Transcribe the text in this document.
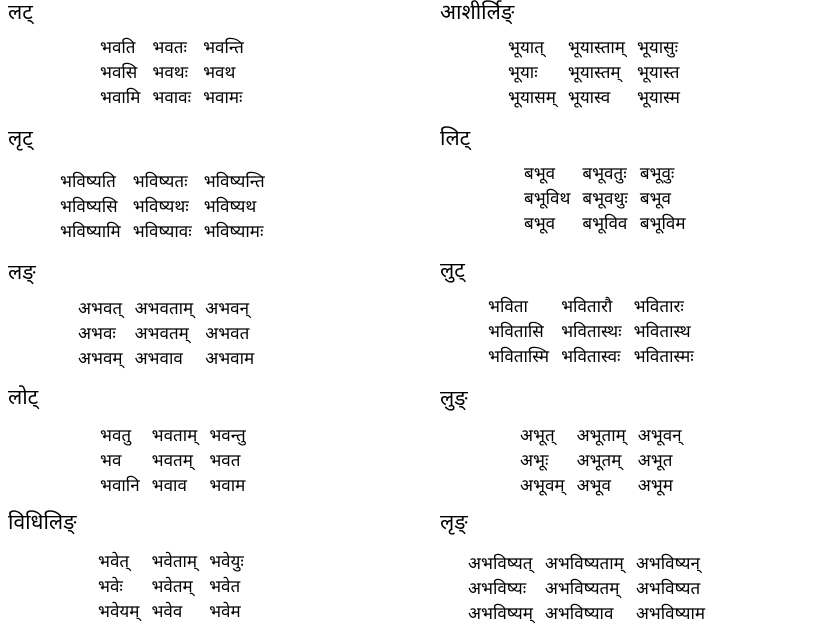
लट्
भवति	भवतः	भवन्ति
भवसि	भवथः	भवथ
भवामि	भवावः	भवामः
लृट्
भविष्यति	भविष्यतः	भविष्यन्ति
भविष्यसि	भविष्यथः	भविष्यथ
भविष्यामि	भविष्यावः	भविष्यामः
लङ्
अभवत्	अभवताम्	अभवन्
अभवः	अभवतम्	अभवत
अभवम्	अभवाव	अभवाम
लोट्
भवतु	भवताम्	भवन्तु
भव	भवतम्	भवत
भवानि	भवाव	भवाम
विधिलिङ्
भवेत्	भवेताम्	भवेयुः
भवेः	भवेतम्	भवेत
भवेयम्	भवेव	भवेम
आशीर्लिङ्
भूयात्	भूयास्ताम्	भूयासुः
भूयाः	भूयास्तम्	भूयास्त
भूयासम्	भूयास्व	भूयास्म
लिट्
बभूव	बभूवतुः	बभूवुः
बभूविथ	बभूवथुः	बभूव
बभूव	बभूविव	बभूविम
लुट्
भविता	भवितारौ	भवितारः
भवितासि	भवितास्थः	भवितास्थ
भवितास्मि	भवितास्वः	भवितास्मः
लुङ्
अभूत्	अभूताम्	अभूवन्
अभूः	अभूतम्	अभूत
अभूवम्	अभूव	अभूम
लृङ्
अभविष्यत्	अभविष्यताम्	अभविष्यन्
अभविष्यः	अभविष्यतम्	अभविष्यत
अभविष्यम्	अभविष्याव	अभविष्याम
